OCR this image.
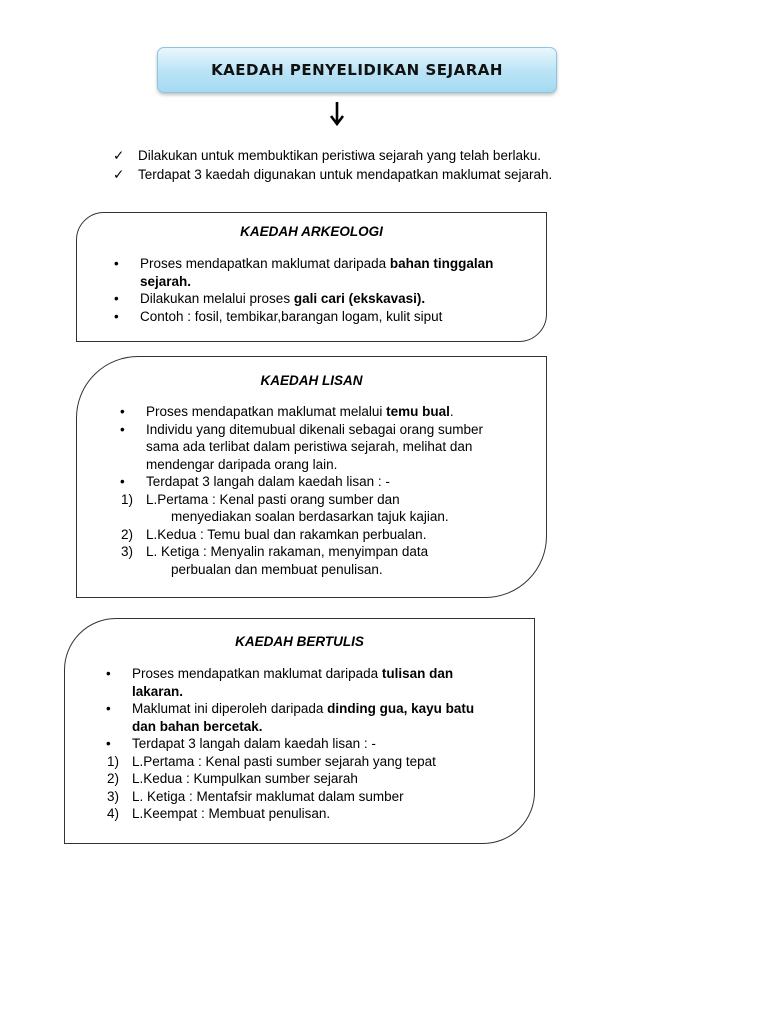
KAEDAH PENYELIDIKAN SEJARAH
✓ Dilakukan untuk membuktikan peristiwa sejarah yang telah berlaku.
✓ Terdapat 3 kaedah digunakan untuk mendapatkan maklumat sejarah.
KAEDAH ARKEOLOGI
• Proses mendapatkan maklumat daripada bahan tinggalan
sejarah.
• Dilakukan melalui proses gali cari (ekskavasi).
• Contoh : fosil, tembikar,barangan logam, kulit siput
KAEDAH LISAN
• Proses mendapatkan maklumat melalui temu bual.
• Individu yang ditemubual dikenali sebagai orang sumber
sama ada terlibat dalam peristiwa sejarah, melihat dan
mendengar daripada orang lain.
• Terdapat 3 langah dalam kaedah lisan : -
1) L.Pertama : Kenal pasti orang sumber dan
menyediakan soalan berdasarkan tajuk kajian.
2) L.Kedua : Temu bual dan rakamkan perbualan.
3) L. Ketiga : Menyalin rakaman, menyimpan data
perbualan dan membuat penulisan.
KAEDAH BERTULIS
• Proses mendapatkan maklumat daripada tulisan dan
lakaran.
• Maklumat ini diperoleh daripada dinding gua, kayu batu
dan bahan bercetak.
• Terdapat 3 langah dalam kaedah lisan : -
1) L.Pertama : Kenal pasti sumber sejarah yang tepat
2) L.Kedua : Kumpulkan sumber sejarah
3) L. Ketiga : Mentafsir maklumat dalam sumber
4) L.Keempat : Membuat penulisan.
